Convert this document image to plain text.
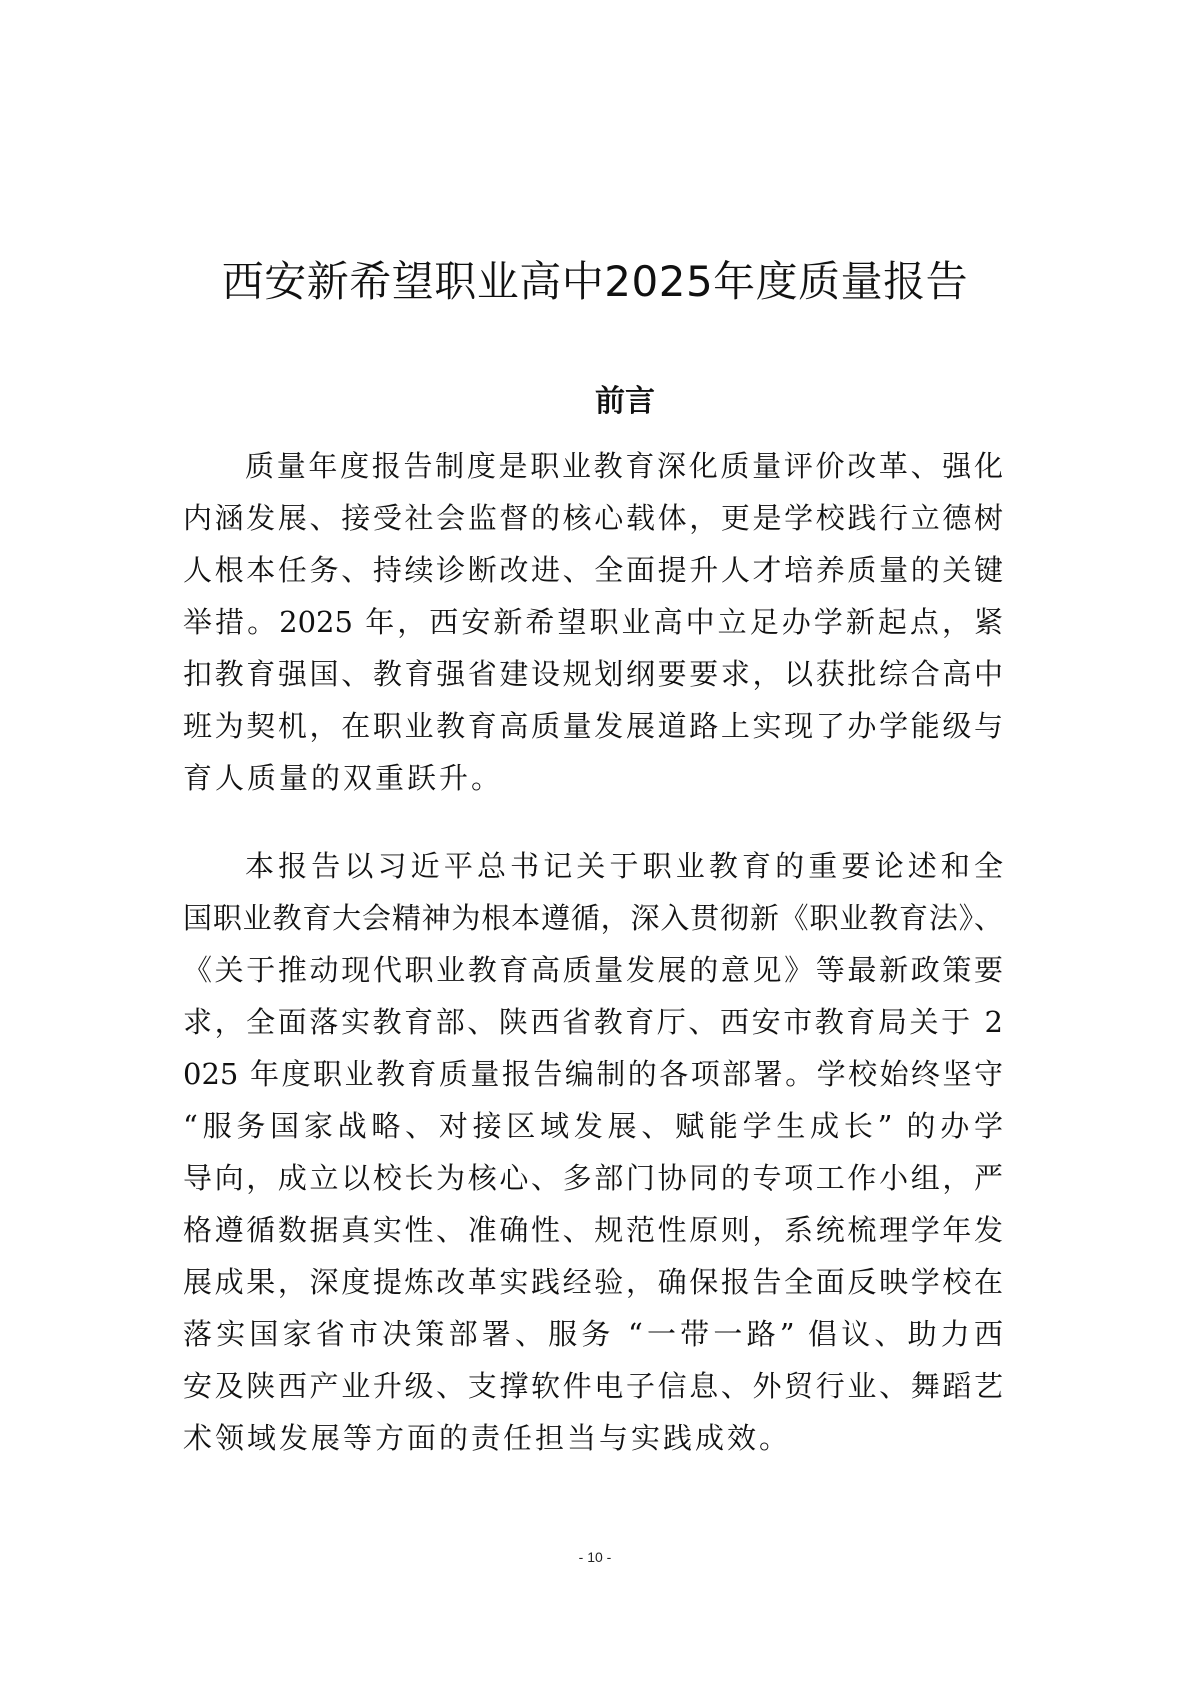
西安新希望职业高中2025年度质量报告
前言
质量年度报告制度是职业教育深化质量评价改革、强化
内涵发展、接受社会监督的核心载体，更是学校践行立德树
人根本任务、持续诊断改进、全面提升人才培养质量的关键
举措。2025 年，西安新希望职业高中立足办学新起点，紧
扣教育强国、教育强省建设规划纲要要求，以获批综合高中
班为契机，在职业教育高质量发展道路上实现了办学能级与
育人质量的双重跃升。
本报告以习近平总书记关于职业教育的重要论述和全
国职业教育大会精神为根本遵循，深入贯彻新《职业教育法》、
《关于推动现代职业教育高质量发展的意见》等最新政策要
求，全面落实教育部、陕西省教育厅、西安市教育局关于 2
025 年度职业教育质量报告编制的各项部署。学校始终坚守
“服务国家战略、对接区域发展、赋能学生成长” 的办学
导向，成立以校长为核心、多部门协同的专项工作小组，严
格遵循数据真实性、准确性、规范性原则，系统梳理学年发
展成果，深度提炼改革实践经验，确保报告全面反映学校在
落实国家省市决策部署、服务 “一带一路” 倡议、助力西
安及陕西产业升级、支撑软件电子信息、外贸行业、舞蹈艺
术领域发展等方面的责任担当与实践成效。
- 10 -
